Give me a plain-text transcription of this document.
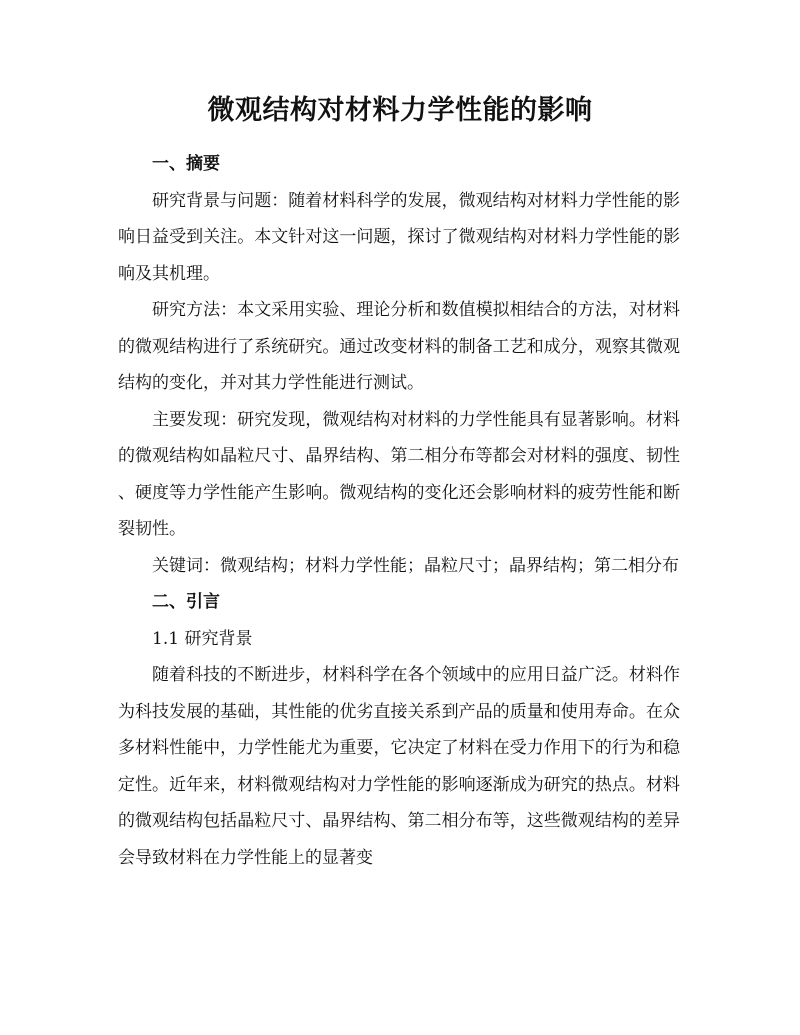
微观结构对材料力学性能的影响

一、摘要

研究背景与问题：随着材料科学的发展，微观结构对材料力学性能的影响日益受到关注。本文针对这一问题，探讨了微观结构对材料力学性能的影响及其机理。

研究方法：本文采用实验、理论分析和数值模拟相结合的方法，对材料的微观结构进行了系统研究。通过改变材料的制备工艺和成分，观察其微观结构的变化，并对其力学性能进行测试。

主要发现：研究发现，微观结构对材料的力学性能具有显著影响。材料的微观结构如晶粒尺寸、晶界结构、第二相分布等都会对材料的强度、韧性、硬度等力学性能产生影响。微观结构的变化还会影响材料的疲劳性能和断裂韧性。

关键词：微观结构；材料力学性能；晶粒尺寸；晶界结构；第二相分布

二、引言

1.1 研究背景

随着科技的不断进步，材料科学在各个领域中的应用日益广泛。材料作为科技发展的基础，其性能的优劣直接关系到产品的质量和使用寿命。在众多材料性能中，力学性能尤为重要，它决定了材料在受力作用下的行为和稳定性。近年来，材料微观结构对力学性能的影响逐渐成为研究的热点。材料的微观结构包括晶粒尺寸、晶界结构、第二相分布等，这些微观结构的差异会导致材料在力学性能上的显著变
